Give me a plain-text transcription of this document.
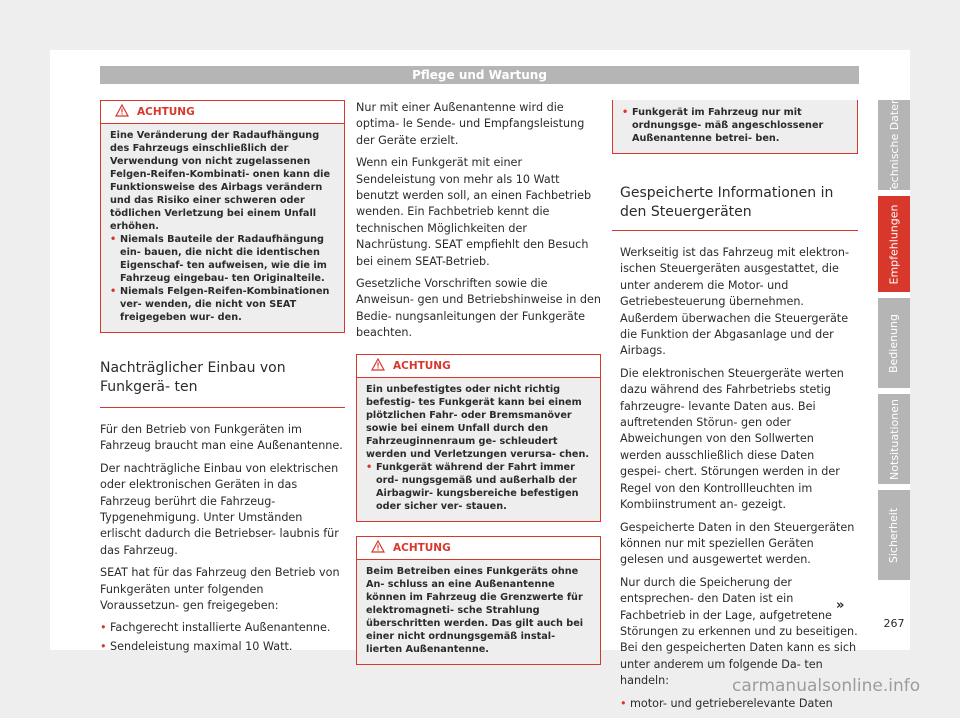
Pflege und Wartung
ACHTUNG

Eine Veränderung der Radaufhängung des Fahrzeugs einschließlich der Verwendung von nicht zugelassenen Felgen-Reifen-Kombinati- onen kann die Funktionsweise des Airbags verändern und das Risiko einer schweren oder tödlichen Verletzung bei einem Unfall erhöhen.

• Niemals Bauteile der Radaufhängung ein- bauen, die nicht die identischen Eigenschaf- ten aufweisen, wie die im Fahrzeug eingebau- ten Originalteile.

• Niemals Felgen-Reifen-Kombinationen ver- wenden, die nicht von SEAT freigegeben wur- den.

Nachträglicher Einbau von Funkgerä- ten

Für den Betrieb von Funkgeräten im Fahrzeug braucht man eine Außenantenne.

Der nachträgliche Einbau von elektrischen oder elektronischen Geräten in das Fahrzeug berührt die Fahrzeug-Typgenehmigung. Unter Umständen erlischt dadurch die Betriebser- laubnis für das Fahrzeug.

SEAT hat für das Fahrzeug den Betrieb von Funkgeräten unter folgenden Voraussetzun- gen freigegeben:

• Fachgerecht installierte Außenantenne.

• Sendeleistung maximal 10 Watt.

Nur mit einer Außenantenne wird die optima- le Sende- und Empfangsleistung der Geräte erzielt.

Wenn ein Funkgerät mit einer Sendeleistung von mehr als 10 Watt benutzt werden soll, an einen Fachbetrieb wenden. Ein Fachbetrieb kennt die technischen Möglichkeiten der Nachrüstung. SEAT empfiehlt den Besuch bei einem SEAT-Betrieb.

Gesetzliche Vorschriften sowie die Anweisun- gen und Betriebshinweise in den Bedie- nungsanleitungen der Funkgeräte beachten.

ACHTUNG

Ein unbefestigtes oder nicht richtig befestig- tes Funkgerät kann bei einem plötzlichen Fahr- oder Bremsmanöver sowie bei einem Unfall durch den Fahrzeuginnenraum ge- schleudert werden und Verletzungen verursa- chen.

• Funkgerät während der Fahrt immer ord- nungsgemäß und außerhalb der Airbagwir- kungsbereiche befestigen oder sicher ver- stauen.

ACHTUNG

Beim Betreiben eines Funkgeräts ohne An- schluss an eine Außenantenne können im Fahrzeug die Grenzwerte für elektromagneti- sche Strahlung überschritten werden. Das gilt auch bei einer nicht ordnungsgemäß instal- lierten Außenantenne.

• Funkgerät im Fahrzeug nur mit ordnungsge- mäß angeschlossener Außenantenne betrei- ben.

Gespeicherte Informationen in den Steuergeräten

Werkseitig ist das Fahrzeug mit elektron- ischen Steuergeräten ausgestattet, die unter anderem die Motor- und Getriebesteuerung übernehmen. Außerdem überwachen die Steuergeräte die Funktion der Abgasanlage und der Airbags.

Die elektronischen Steuergeräte werten dazu während des Fahrbetriebs stetig fahrzeugre- levante Daten aus. Bei auftretenden Störun- gen oder Abweichungen von den Sollwerten werden ausschließlich diese Daten gespei- chert. Störungen werden in der Regel von den Kontrollleuchten im Kombiinstrument an- gezeigt.

Gespeicherte Daten in den Steuergeräten können nur mit speziellen Geräten gelesen und ausgewertet werden.

Nur durch die Speicherung der entsprechen- den Daten ist ein Fachbetrieb in der Lage, aufgetretene Störungen zu erkennen und zu beseitigen. Bei den gespeicherten Daten kann es sich unter anderem um folgende Da- ten handeln:

• motor- und getrieberelevante Daten

»
Technische Daten
Empfehlungen
Bedienung
Notsituationen
Sicherheit
267
carmanualsonline.info
